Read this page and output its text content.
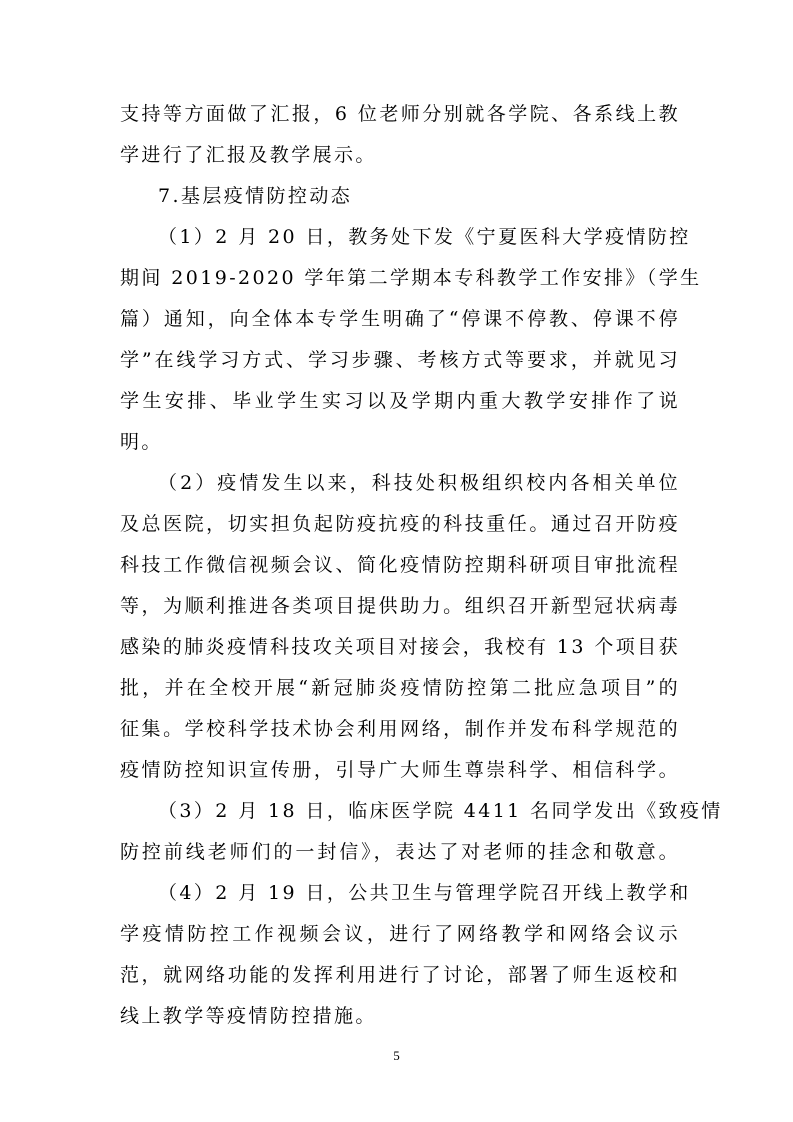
支持等方面做了汇报，6 位老师分别就各学院、各系线上教
学进行了汇报及教学展示。
7.基层疫情防控动态
（1）2 月 20 日，教务处下发《宁夏医科大学疫情防控
期间 2019-2020 学年第二学期本专科教学工作安排》（学生
篇）通知，向全体本专学生明确了“停课不停教、停课不停
学”在线学习方式、学习步骤、考核方式等要求，并就见习
学生安排、毕业学生实习以及学期内重大教学安排作了说
明。
（2）疫情发生以来，科技处积极组织校内各相关单位
及总医院，切实担负起防疫抗疫的科技重任。通过召开防疫
科技工作微信视频会议、简化疫情防控期科研项目审批流程
等，为顺利推进各类项目提供助力。组织召开新型冠状病毒
感染的肺炎疫情科技攻关项目对接会，我校有 13 个项目获
批，并在全校开展“新冠肺炎疫情防控第二批应急项目”的
征集。学校科学技术协会利用网络，制作并发布科学规范的
疫情防控知识宣传册，引导广大师生尊崇科学、相信科学。
（3）2 月 18 日，临床医学院 4411 名同学发出《致疫情
防控前线老师们的一封信》，表达了对老师的挂念和敬意。
（4）2 月 19 日，公共卫生与管理学院召开线上教学和
学疫情防控工作视频会议，进行了网络教学和网络会议示
范，就网络功能的发挥利用进行了讨论，部署了师生返校和
线上教学等疫情防控措施。
5
